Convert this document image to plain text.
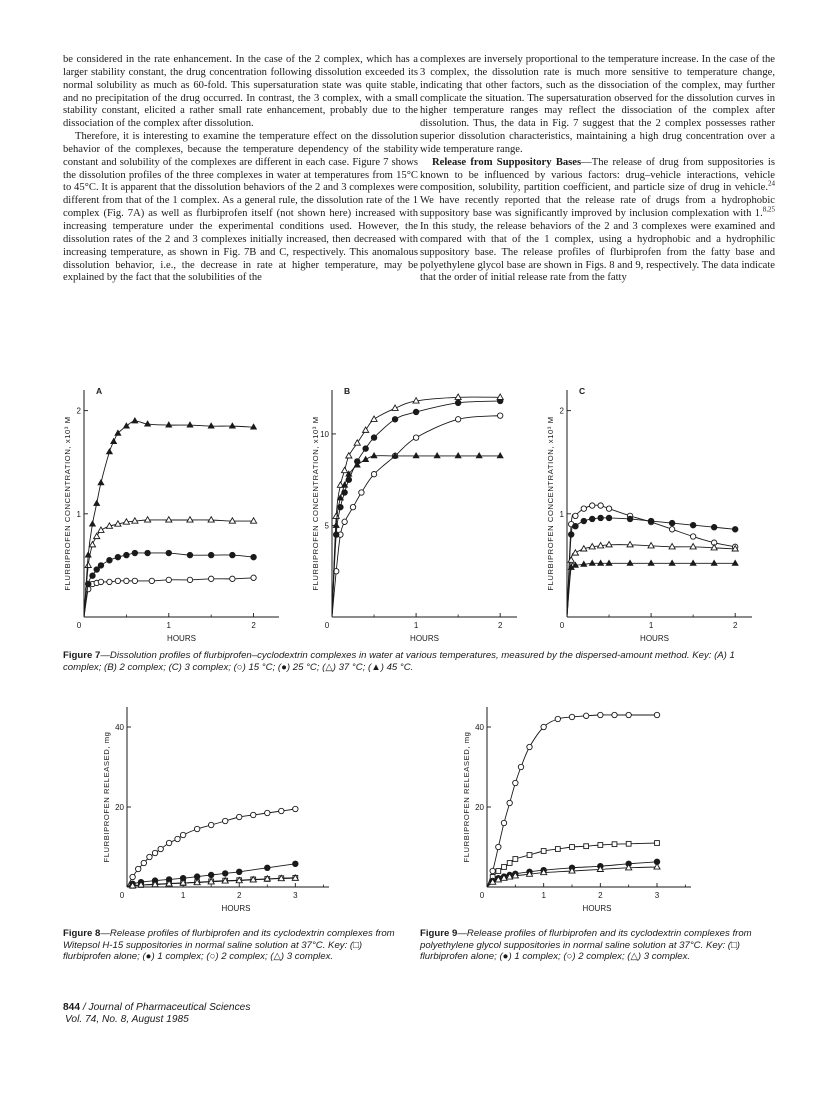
be considered in the rate enhancement. In the case of the 2 complex, which has a larger stability constant, the drug concentration following dissolution exceeded its normal solubility as much as 60-fold. This supersaturation state was quite stable, and no precipitation of the drug occurred. In contrast, the 3 complex, with a small stability constant, elicited a rather small rate enhancement, probably due to the dissociation of the complex after dissolution.

Therefore, it is interesting to examine the temperature effect on the dissolution behavior of the complexes, because the temperature dependency of the stability constant and solubility of the complexes are different in each case. Figure 7 shows the dissolution profiles of the three complexes in water at temperatures from 15°C to 45°C. It is apparent that the dissolution behaviors of the 2 and 3 complexes were different from that of the 1 complex. As a general rule, the dissolution rate of the 1 complex (Fig. 7A) as well as flurbiprofen itself (not shown here) increased with increasing temperature under the experimental conditions used. However, the dissolution rates of the 2 and 3 complexes initially increased, then decreased with increasing temperature, as shown in Fig. 7B and C, respectively. This anomalous dissolution behavior, i.e., the decrease in rate at higher temperature, may be explained by the fact that the solubilities of the

complexes are inversely proportional to the temperature increase. In the case of the 3 complex, the dissolution rate is much more sensitive to temperature change, indicating that other factors, such as the dissociation of the complex, may further complicate the situation. The supersaturation observed for the dissolution curves in higher temperature ranges may reflect the dissociation of the complex after dissolution. Thus, the data in Fig. 7 suggest that the 2 complex possesses rather superior dissolution characteristics, maintaining a high drug concentration over a wide temperature range.

Release from Suppository Bases—The release of drug from suppositories is known to be influenced by various factors: drug–vehicle interactions, vehicle composition, solubility, partition coefficient, and particle size of drug in vehicle.$^{24}$ We have recently reported that the release rate of drugs from a hydrophobic suppository base was significantly improved by inclusion complexation with 1.$^{8,25}$ In this study, the release behaviors of the 2 and 3 complexes were examined and compared with that of the 1 complex, using a hydrophobic and a hydrophilic suppository base. The release profiles of flurbiprofen from the fatty base and polyethylene glycol base are shown in Figs. 8 and 9, respectively. The data indicate that the order of initial release rate from the fatty

0	1	2
1
2
FLURBIPROFEN CONCENTRATION, x10³ M
HOURS
A
0	1	2
5
10
FLURBIPROFEN CONCENTRATION, x10³ M
HOURS
B
0	1	2
1
2
FLURBIPROFEN CONCENTRATION, x10³ M
HOURS
C
Figure 7—Dissolution profiles of flurbiprofen–cyclodextrin complexes in water at various temperatures, measured by the dispersed-amount method. Key: (A) 1 complex; (B) 2 complex; (C) 3 complex; (○) 15 °C; (●) 25 °C; (△) 37 °C; (▲) 45 °C.
0	1	2	3
20
40
FLURBIPROFEN RELEASED, mg
HOURS
0	1	2	3
20
40
FLURBIPROFEN RELEASED, mg
HOURS
Figure 8—Release profiles of flurbiprofen and its cyclodextrin complexes from Witepsol H-15 suppositories in normal saline solution at 37°C. Key: (□) flurbiprofen alone; (●) 1 complex; (○) 2 complex; (△) 3 complex.
Figure 9—Release profiles of flurbiprofen and its cyclodextrin complexes from polyethylene glycol suppositories in normal saline solution at 37°C. Key: (□) flurbiprofen alone; (●) 1 complex; (○) 2 complex; (△) 3 complex.
844 / Journal of Pharmaceutical Sciences
Vol. 74, No. 8, August 1985
